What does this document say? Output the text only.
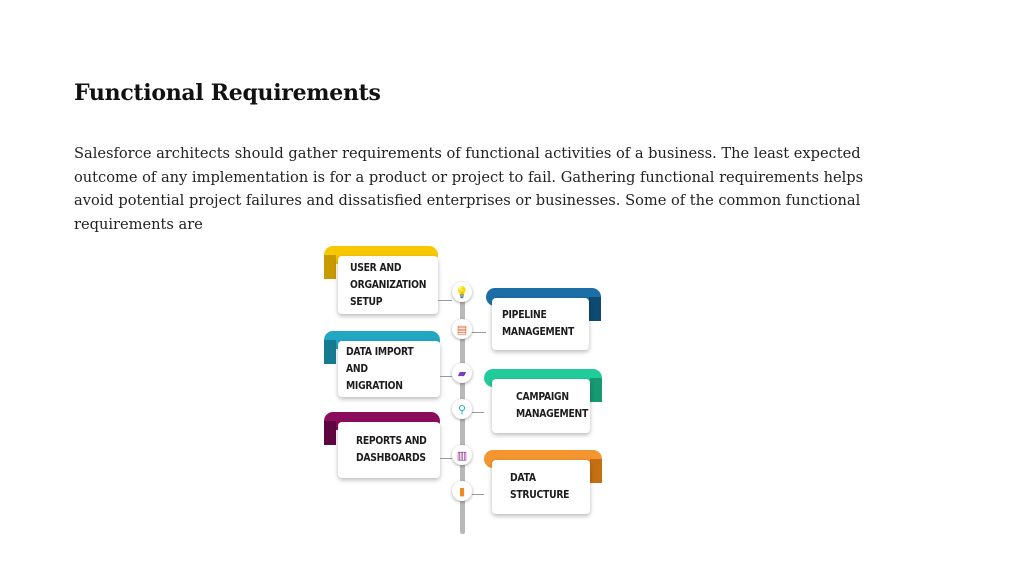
Functional Requirements
Salesforce architects should gather requirements of functional activities of a business. The least expected outcome of any implementation is for a product or project to fail. Gathering functional requirements helps avoid potential project failures and dissatisfied enterprises or businesses. Some of the common functional requirements are
USER AND
ORGANIZATION
SETUP
DATA IMPORT AND
MIGRATION
REPORTS AND
DASHBOARDS
PIPELINE
MANAGEMENT
CAMPAIGN
MANAGEMENT
DATA
STRUCTURE
💡
▤
▰
⚲
▥
▮
